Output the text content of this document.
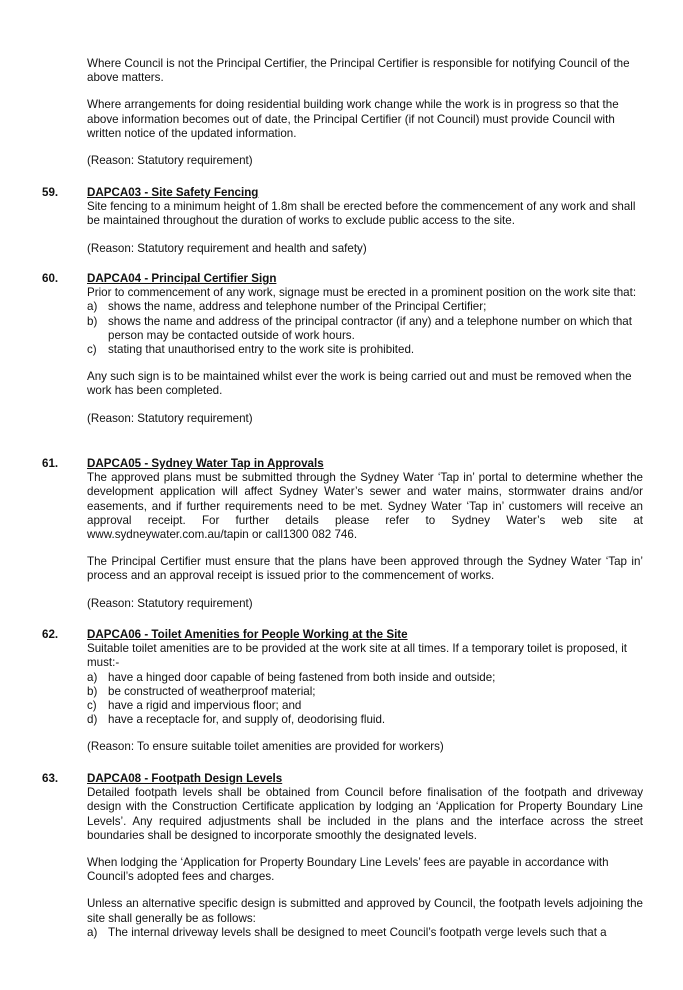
Where Council is not the Principal Certifier, the Principal Certifier is responsible for notifying Council of the above matters.

Where arrangements for doing residential building work change while the work is in progress so that the above information becomes out of date, the Principal Certifier (if not Council) must provide Council with written notice of the updated information.

(Reason: Statutory requirement)

59. DAPCA03 - Site Safety Fencing

Site fencing to a minimum height of 1.8m shall be erected before the commencement of any work and shall be maintained throughout the duration of works to exclude public access to the site.

(Reason: Statutory requirement and health and safety)

60. DAPCA04 - Principal Certifier Sign

Prior to commencement of any work, signage must be erected in a prominent position on the work site that:

a) shows the name, address and telephone number of the Principal Certifier;
b) shows the name and address of the principal contractor (if any) and a telephone number on which that person may be contacted outside of work hours.
c) stating that unauthorised entry to the work site is prohibited.

Any such sign is to be maintained whilst ever the work is being carried out and must be removed when the work has been completed.

(Reason: Statutory requirement)

61. DAPCA05 - Sydney Water Tap in Approvals

The approved plans must be submitted through the Sydney Water ‘Tap in’ portal to determine whether the development application will affect Sydney Water’s sewer and water mains, stormwater drains and/or easements, and if further requirements need to be met. Sydney Water ‘Tap in’ customers will receive an approval receipt. For further details please refer to Sydney Water’s web site at www.sydneywater.com.au/tapin or call1300 082 746.

The Principal Certifier must ensure that the plans have been approved through the Sydney Water ‘Tap in’ process and an approval receipt is issued prior to the commencement of works.

(Reason: Statutory requirement)

62. DAPCA06 - Toilet Amenities for People Working at the Site

Suitable toilet amenities are to be provided at the work site at all times. If a temporary toilet is proposed, it must:-

a) have a hinged door capable of being fastened from both inside and outside;
b) be constructed of weatherproof material;
c) have a rigid and impervious floor; and
d) have a receptacle for, and supply of, deodorising fluid.

(Reason: To ensure suitable toilet amenities are provided for workers)

63. DAPCA08 - Footpath Design Levels

Detailed footpath levels shall be obtained from Council before finalisation of the footpath and driveway design with the Construction Certificate application by lodging an ‘Application for Property Boundary Line Levels’. Any required adjustments shall be included in the plans and the interface across the street boundaries shall be designed to incorporate smoothly the designated levels.

When lodging the ‘Application for Property Boundary Line Levels’ fees are payable in accordance with Council’s adopted fees and charges.

Unless an alternative specific design is submitted and approved by Council, the footpath levels adjoining the site shall generally be as follows:

a) The internal driveway levels shall be designed to meet Council’s footpath verge levels such that a
